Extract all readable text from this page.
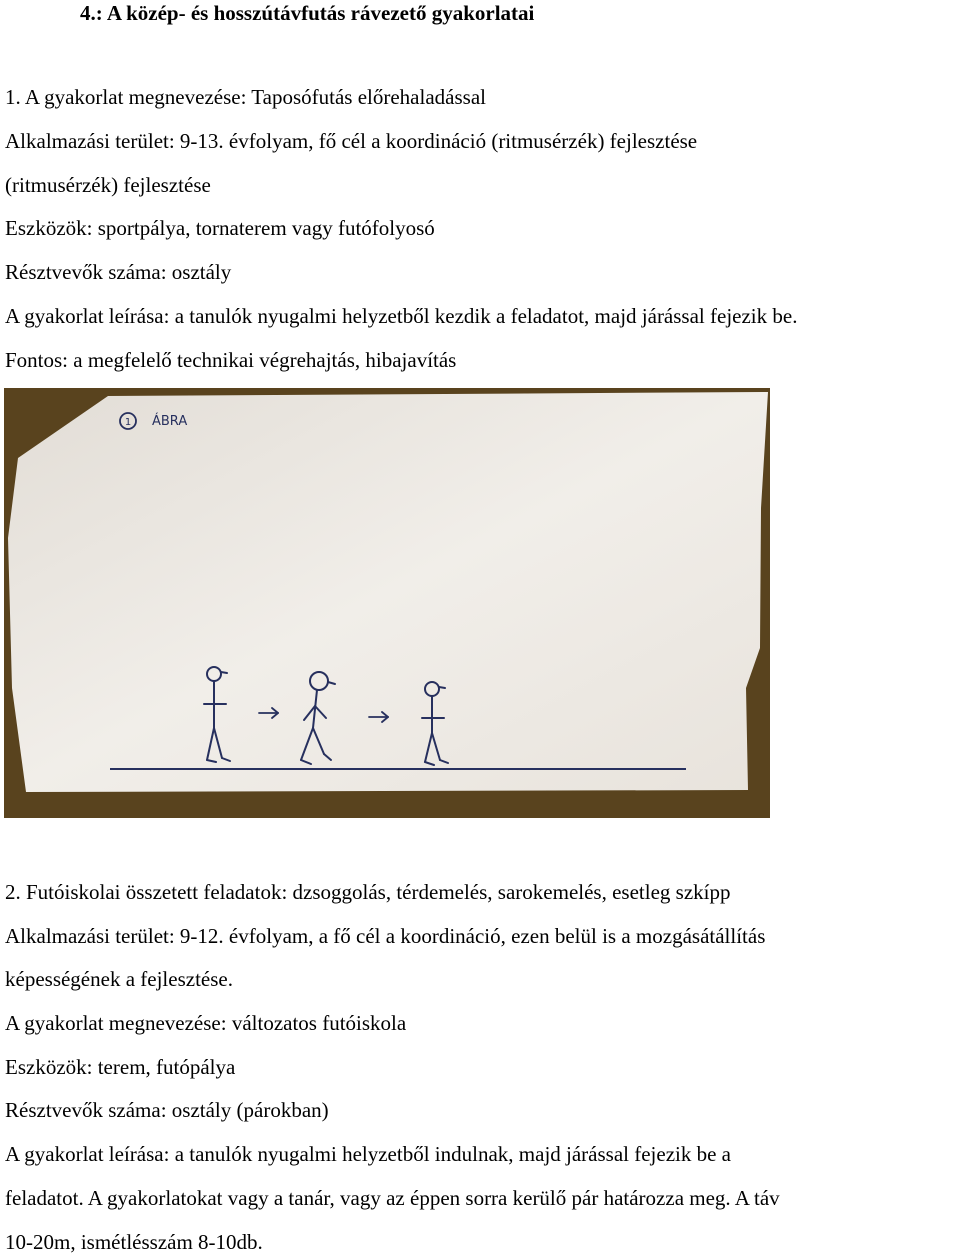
4.: A közép- és hosszútávfutás rávezető gyakorlatai
1. A gyakorlat megnevezése: Taposófutás előrehaladással
Alkalmazási terület: 9-13. évfolyam, fő cél a koordináció (ritmusérzék) fejlesztése
(ritmusérzék) fejlesztése
Eszközök: sportpálya, tornaterem vagy futófolyosó
Résztvevők száma: osztály
A gyakorlat leírása: a tanulók nyugalmi helyzetből kezdik a feladatot, majd járással fejezik be.
Fontos: a megfelelő technikai végrehajtás, hibajavítás
1 ÁBRA
2. Futóiskolai összetett feladatok: dzsoggolás, térdemelés, sarokemelés, esetleg szkípp
Alkalmazási terület: 9-12. évfolyam, a fő cél a koordináció, ezen belül is a mozgásátállítás
képességének a fejlesztése.
A gyakorlat megnevezése: változatos futóiskola
Eszközök: terem, futópálya
Résztvevők száma: osztály (párokban)
A gyakorlat leírása: a tanulók nyugalmi helyzetből indulnak, majd járással fejezik be a
feladatot. A gyakorlatokat vagy a tanár, vagy az éppen sorra kerülő pár határozza meg. A táv
10-20m, ismétlésszám 8-10db.
